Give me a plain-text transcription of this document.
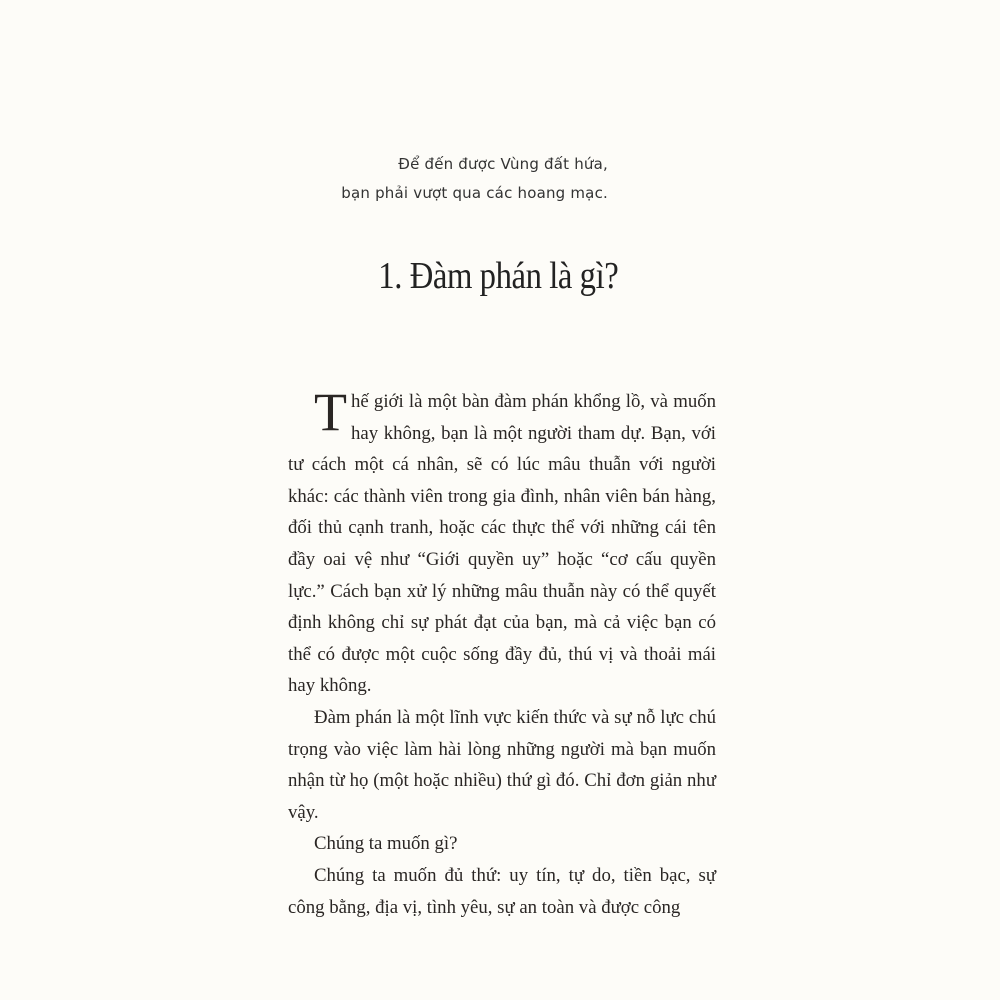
Để đến được Vùng đất hứa,
bạn phải vượt qua các hoang mạc.
1. Đàm phán là gì?

Thế giới là một bàn đàm phán khổng lồ, và muốn hay không, bạn là một người tham dự. Bạn, với tư cách một cá nhân, sẽ có lúc mâu thuẫn với người khác: các thành viên trong gia đình, nhân viên bán hàng, đối thủ cạnh tranh, hoặc các thực thể với những cái tên đầy oai vệ như “Giới quyền uy” hoặc “cơ cấu quyền lực.” Cách bạn xử lý những mâu thuẫn này có thể quyết định không chỉ sự phát đạt của bạn, mà cả việc bạn có thể có được một cuộc sống đầy đủ, thú vị và thoải mái hay không.

Đàm phán là một lĩnh vực kiến thức và sự nỗ lực chú trọng vào việc làm hài lòng những người mà bạn muốn nhận từ họ (một hoặc nhiều) thứ gì đó. Chỉ đơn giản như vậy.

Chúng ta muốn gì?

Chúng ta muốn đủ thứ: uy tín, tự do, tiền bạc, sự công bằng, địa vị, tình yêu, sự an toàn và được công
